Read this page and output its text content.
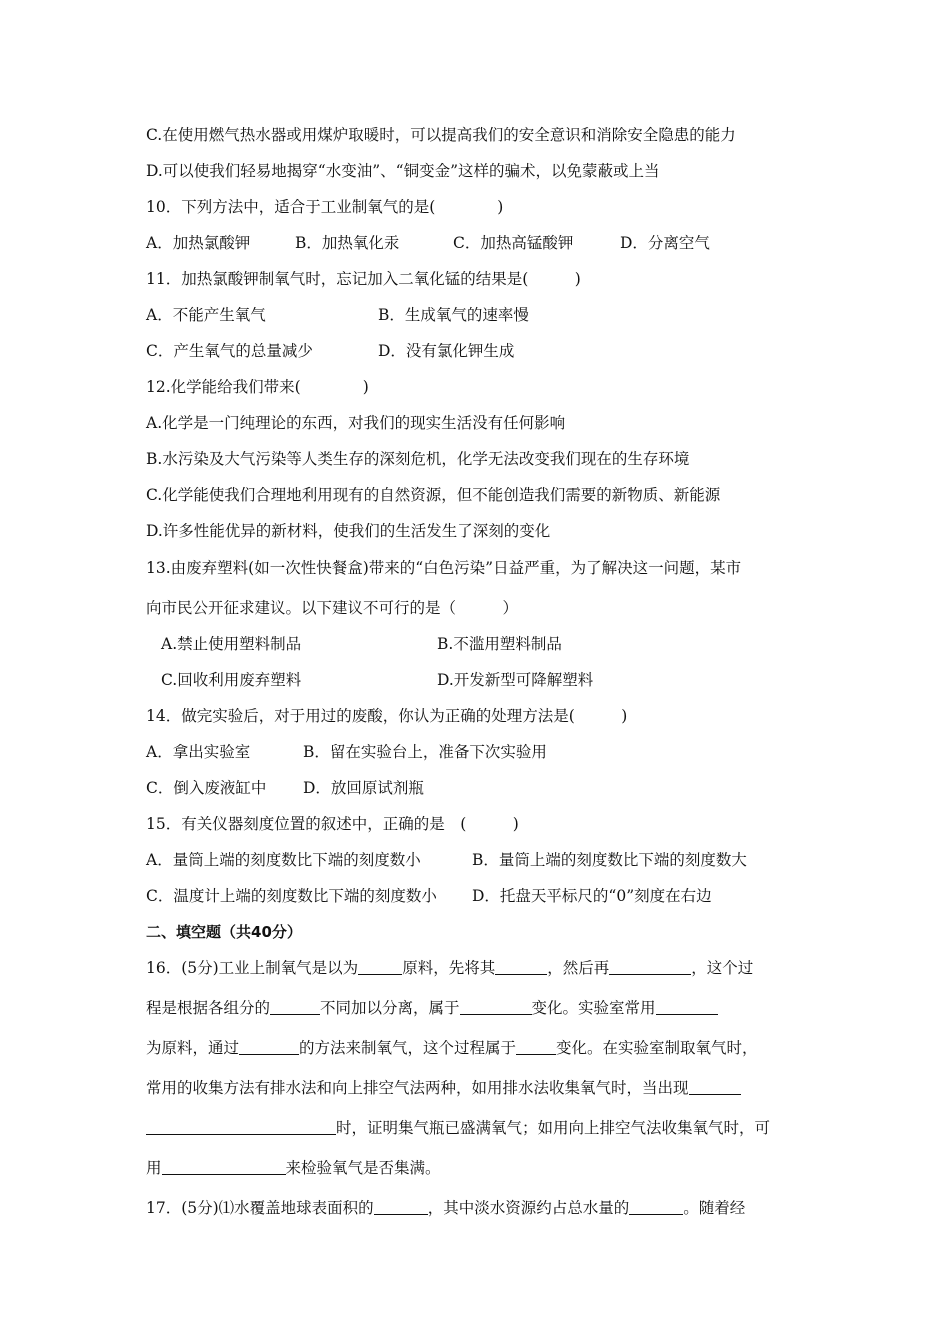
C.在使用燃气热水器或用煤炉取暖时，可以提高我们的安全意识和消除安全隐患的能力
D.可以使我们轻易地揭穿“水变油”、“铜变金”这样的骗术，以免蒙蔽或上当
10．下列方法中，适合于工业制氧气的是(　　　　)
A．加热氯酸钾	B．加热氧化汞	C．加热高锰酸钾	D．分离空气
11．加热氯酸钾制氧气时，忘记加入二氧化锰的结果是(　　　)
A．不能产生氧气	B．生成氧气的速率慢
C．产生氧气的总量减少	D．没有氯化钾生成
12.化学能给我们带来(　　　　)
A.化学是一门纯理论的东西，对我们的现实生活没有任何影响
B.水污染及大气污染等人类生存的深刻危机，化学无法改变我们现在的生存环境
C.化学能使我们合理地利用现有的自然资源，但不能创造我们需要的新物质、新能源
D.许多性能优异的新材料，使我们的生活发生了深刻的变化
13.由废弃塑料(如一次性快餐盒)带来的“白色污染”日益严重，为了解决这一问题，某市
向市民公开征求建议。以下建议不可行的是（　　　）
A.禁止使用塑料制品	B.不滥用塑料制品
C.回收利用废弃塑料	D.开发新型可降解塑料
14．做完实验后，对于用过的废酸，你认为正确的处理方法是(　　　)
A．拿出实验室	B．留在实验台上，准备下次实验用
C．倒入废液缸中 D．放回原试剂瓶
15．有关仪器刻度位置的叙述中，正确的是　(　　　)
A．量筒上端的刻度数比下端的刻度数小	B．量筒上端的刻度数比下端的刻度数大
C．温度计上端的刻度数比下端的刻度数小 D．托盘天平标尺的“0”刻度在右边
二、填空题（共40分）
16．(5分)工业上制氧气是以为	原料，先将其	，然后再	，这个过
程是根据各组分的	不同加以分离，属于	变化。实验室常用
为原料，通过	的方法来制氧气，这个过程属于	变化。在实验室制取氧气时，
常用的收集方法有排水法和向上排空气法两种，如用排水法收集氧气时，当出现
时，证明集气瓶已盛满氧气；如用向上排空气法收集氧气时，可
用	来检验氧气是否集满。
17．(5分)⑴水覆盖地球表面积的	，其中淡水资源约占总水量的	。随着经
